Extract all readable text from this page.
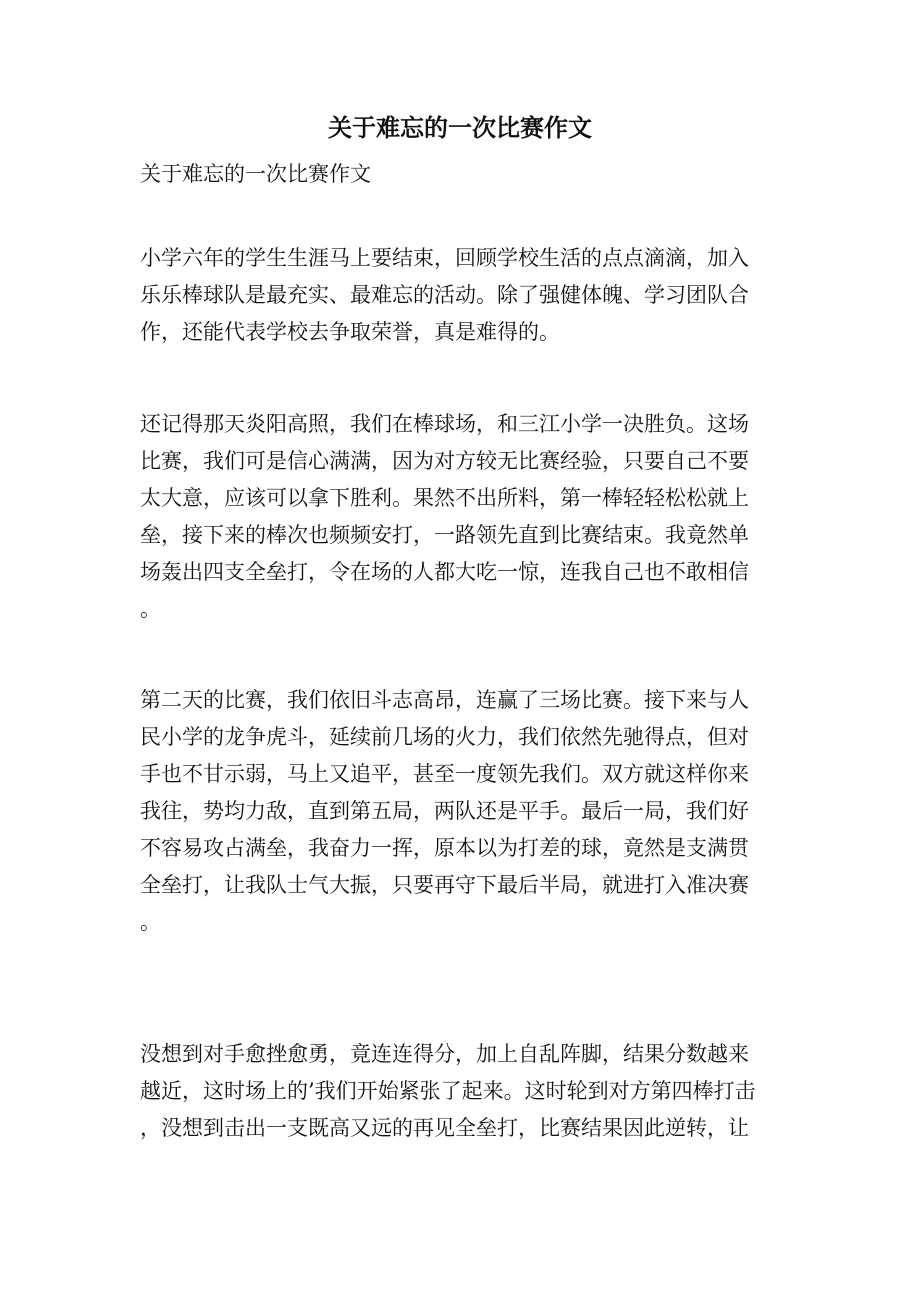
关于难忘的一次比赛作文

关于难忘的一次比赛作文

小学六年的学生生涯马上要结束，回顾学校生活的点点滴滴，加入
乐乐棒球队是最充实、最难忘的活动。除了强健体魄、学习团队合
作，还能代表学校去争取荣誉，真是难得的。
还记得那天炎阳高照，我们在棒球场，和三江小学一决胜负。这场
比赛，我们可是信心满满，因为对方较无比赛经验，只要自己不要
太大意，应该可以拿下胜利。果然不出所料，第一棒轻轻松松就上
垒，接下来的棒次也频频安打，一路领先直到比赛结束。我竟然单
场轰出四支全垒打，令在场的人都大吃一惊，连我自己也不敢相信
。
第二天的比赛，我们依旧斗志高昂，连赢了三场比赛。接下来与人
民小学的龙争虎斗，延续前几场的火力，我们依然先驰得点，但对
手也不甘示弱，马上又追平，甚至一度领先我们。双方就这样你来
我往，势均力敌，直到第五局，两队还是平手。最后一局，我们好
不容易攻占满垒，我奋力一挥，原本以为打差的球，竟然是支满贯
全垒打，让我队士气大振，只要再守下最后半局，就进打入准决赛
。
没想到对手愈挫愈勇，竟连连得分，加上自乱阵脚，结果分数越来
越近，这时场上的’我们开始紧张了起来。这时轮到对方第四棒打击
，没想到击出一支既高又远的再见全垒打，比赛结果因此逆转，让
